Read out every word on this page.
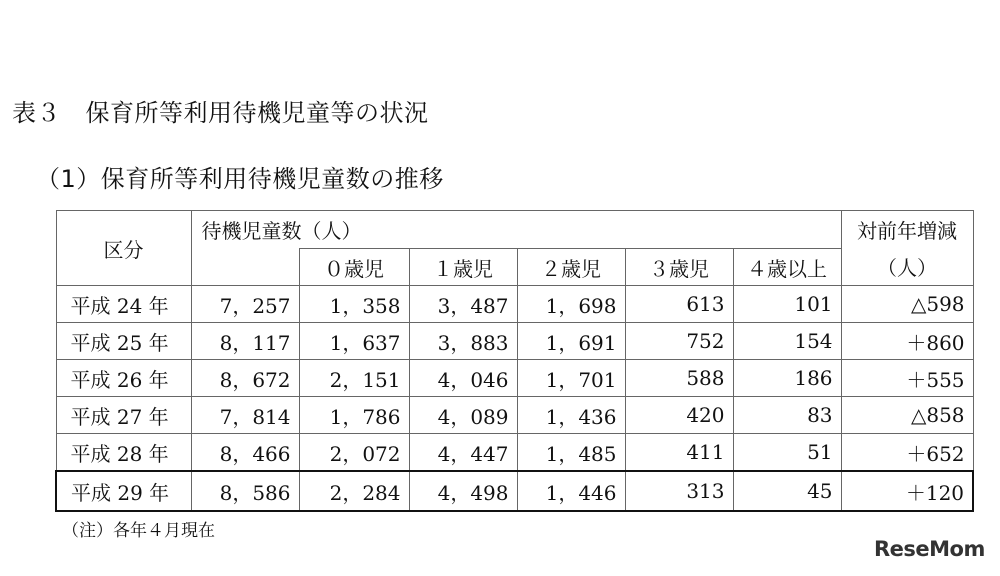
表３　保育所等利用待機児童等の状況
（1）保育所等利用待機児童数の推移
区分	待機児童数（人）						対前年増減
		０歳児	１歳児	２歳児	３歳児	４歳以上	（人）
平成 24 年	7，257	1，358	3，487	1，698	613	101	△598
平成 25 年	8，117	1，637	3，883	1，691	752	154	＋860
平成 26 年	8，672	2，151	4，046	1，701	588	186	＋555
平成 27 年	7，814	1，786	4，089	1，436	420	83	△858
平成 28 年	8，466	2，072	4，447	1，485	411	51	＋652
平成 29 年	8，586	2，284	4，498	1，446	313	45	＋120
（注）各年４月現在
ReseMom
